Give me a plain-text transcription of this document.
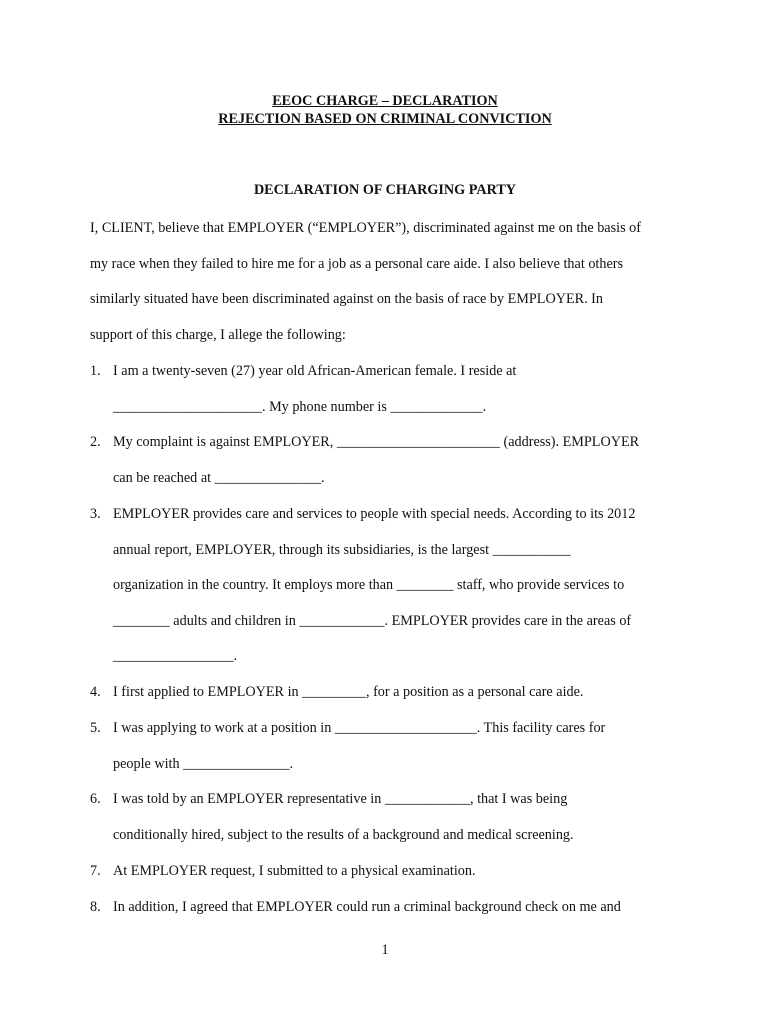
EEOC CHARGE – DECLARATION
REJECTION BASED ON CRIMINAL CONVICTION
DECLARATION OF CHARGING PARTY
I, CLIENT, believe that EMPLOYER (“EMPLOYER”), discriminated against me on the basis of
my race when they failed to hire me for a job as a personal care aide. I also believe that others
similarly situated have been discriminated against on the basis of race by EMPLOYER. In
support of this charge, I allege the following:
1. I am a twenty-seven (27) year old African-American female. I reside at
_____________________. My phone number is _____________.
2. My complaint is against EMPLOYER, _______________________ (address). EMPLOYER
can be reached at _______________.
3. EMPLOYER provides care and services to people with special needs. According to its 2012
annual report, EMPLOYER, through its subsidiaries, is the largest ___________
organization in the country. It employs more than ________ staff, who provide services to
________ adults and children in ____________. EMPLOYER provides care in the areas of
_________________.
4. I first applied to EMPLOYER in _________, for a position as a personal care aide.
5. I was applying to work at a position in ____________________. This facility cares for
people with _______________.
6. I was told by an EMPLOYER representative in ____________, that I was being
conditionally hired, subject to the results of a background and medical screening.
7. At EMPLOYER request, I submitted to a physical examination.
8. In addition, I agreed that EMPLOYER could run a criminal background check on me and
1
